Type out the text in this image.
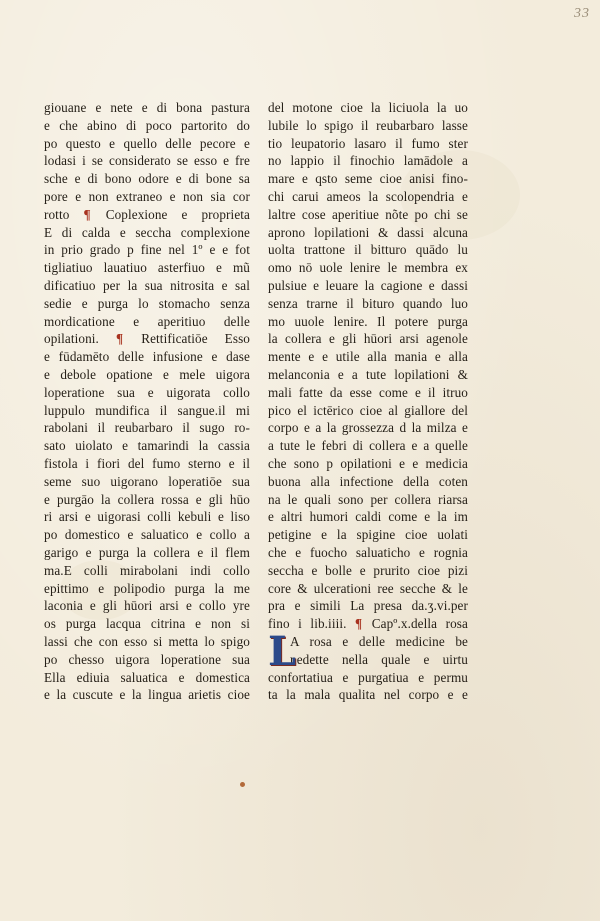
33
giouane e nete e di bona pastura
e che abino di poco partorito do
po questo e quello delle pecore e
lodasi i se considerato se esso e fre
sche e di bono odore e di bone sa
pore e non extraneo e non sia cor
rotto ¶ Coplexione e proprieta
E di calda e seccha complexione
in prio grado p fine nel 1º e e fot
tigliatiuo lauatiuo asterfiuo e mũ
dificatiuo per la sua nitrosita e sal
sedie e purga lo stomacho senza
mordicatione e aperitiuo delle
opilationi. ¶ Rettificatiōe Esso
e fūdamēto delle infusione e dase
e debole opatione e mele uigora
loperatione sua e uigorata collo
luppulo mundifica il sangue.il mi
rabolani il reubarbaro il sugo ro-
sato uiolato e tamarindi la cassia
fistola i fiori del fumo sterno e il
seme suo uigorano loperatiōe sua
e purgāo la collera rossa e gli hūo
ri arsi e uigorasi colli kebuli e liso
po domestico e saluatico e collo a
garigo e purga la collera e il flem
ma.E colli mirabolani indi collo
epittimo e polipodio purga la me
laconia e gli hūori arsi e collo yre
os purga lacqua citrina e non si
lassi che con esso si metta lo spigo
po chesso uigora loperatione sua
Ella ediuia saluatica e domestica
e la cuscute e la lingua arietis cioe
del motone cioe la liciuola la uo
lubile lo spigo il reubarbaro lasse
tio leupatorio lasaro il fumo ster
no lappio il finochio lamādole a
mare e qsto seme cioe anisi fino-
chi carui ameos la scolopendria e
laltre cose aperitiue nõte po chi se
aprono lopilationi & dassi alcuna
uolta trattone il bitturo quādo lu
omo nō uole lenire le membra ex
pulsiue e leuare la cagione e dassi
senza trarne il bituro quando luo
mo uuole lenire. Il potere purga
la collera e gli hūori arsi agenole
mente e e utile alla mania e alla
melanconia e a tute lopilationi &
mali fatte da esse come e il itruo
pico el ictērico cioe al giallore del
corpo e a la grossezza d la milza e
a tute le febri di collera e a quelle
che sono p opilationi e e medicia
buona alla infectione della coten
na le quali sono per collera riarsa
e altri humori caldi come e la im
petigine e la spigine cioe uolati
che e fuocho saluaticho e rognia
seccha e bolle e prurito cioe pizi
core & ulcerationi ree secche & le
pra e simili La presa da.ʒ.vi.per
fino i lib.iiii. ¶ Capº.x.della rosa
L
A rosa e delle medicine be
nedette nella quale e uirtu
confortatiua e purgatiua e permu
ta la mala qualita nel corpo e e
